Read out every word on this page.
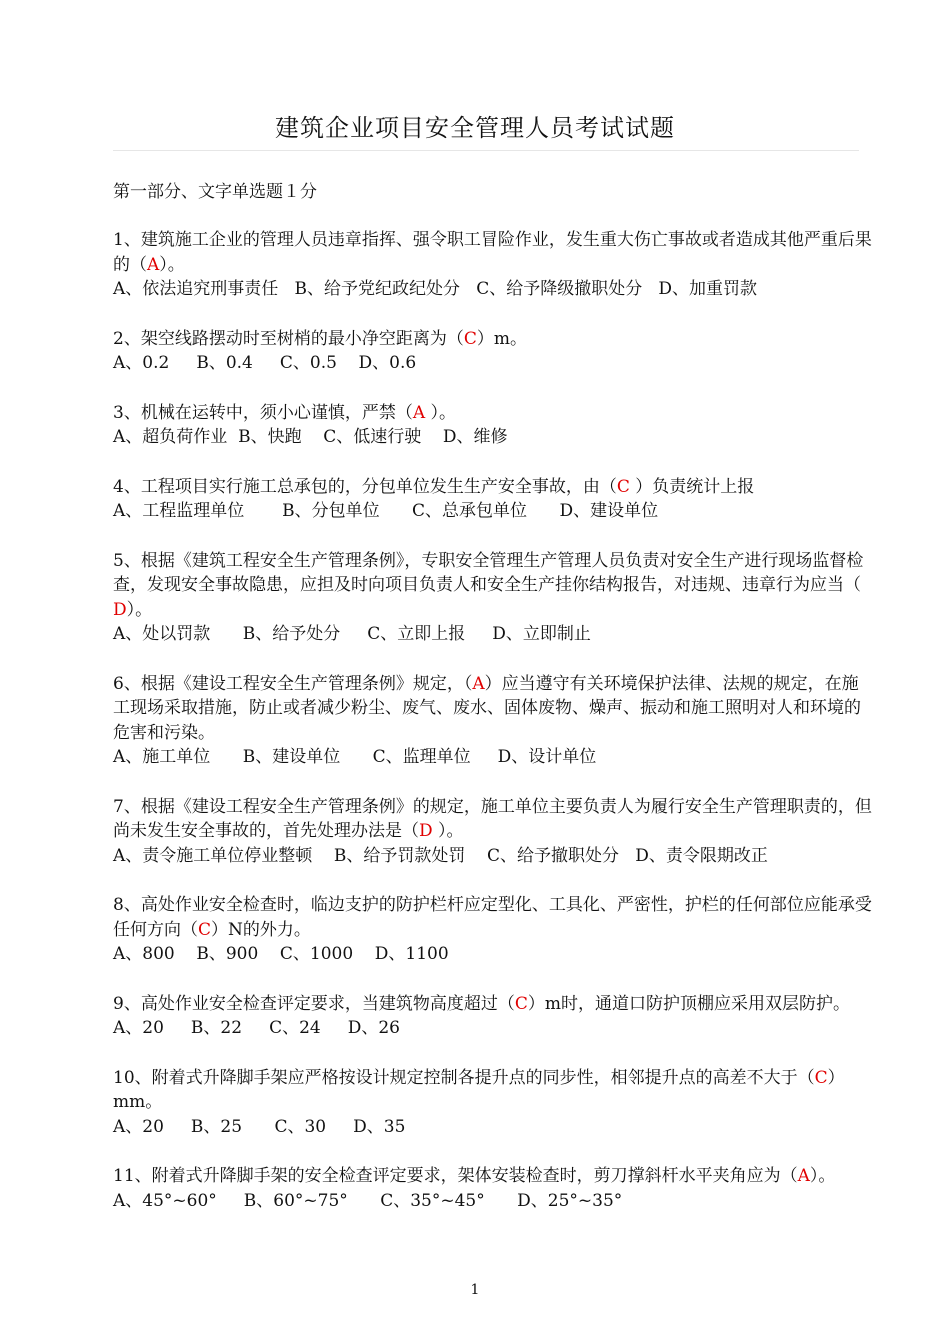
建筑企业项目安全管理人员考试试题
第一部分、文字单选题１分
1、建筑施工企业的管理人员违章指挥、强令职工冒险作业，发生重大伤亡事故或者造成其他严重后果的（A）。
A、依法追究刑事责任   B、给予党纪政纪处分   C、给予降级撤职处分   D、加重罚款
2、架空线路摆动时至树梢的最小净空距离为（C）m。
A、0.2     B、0.4     C、0.5    D、0.6
3、机械在运转中，须小心谨慎，严禁（A ）。
A、超负荷作业  B、快跑    C、低速行驶    D、维修
4、工程项目实行施工总承包的，分包单位发生生产安全事故，由（C ）负责统计上报
A、工程监理单位       B、分包单位      C、总承包单位      D、建设单位
5、根据《建筑工程安全生产管理条例》，专职安全管理生产管理人员负责对安全生产进行现场监督检查，发现安全事故隐患，应担及时向项目负责人和安全生产挂你结构报告，对违规、违章行为应当（ D）。
A、处以罚款      B、给予处分     C、立即上报     D、立即制止
6、根据《建设工程安全生产管理条例》规定，（A）应当遵守有关环境保护法律、法规的规定，在施工现场采取措施，防止或者减少粉尘、废气、废水、固体废物、燥声、振动和施工照明对人和环境的危害和污染。
A、施工单位      B、建设单位      C、监理单位     D、设计单位
7、根据《建设工程安全生产管理条例》的规定，施工单位主要负责人为履行安全生产管理职责的，但尚未发生安全事故的，首先处理办法是（D ）。
A、责令施工单位停业整顿    B、给予罚款处罚    C、给予撤职处分   D、责令限期改正
8、高处作业安全检查时，临边支护的防护栏杆应定型化、工具化、严密性，护栏的任何部位应能承受任何方向（C）N的外力。
A、800    B、900    C、1000    D、1100
9、高处作业安全检查评定要求，当建筑物高度超过（C）m时，通道口防护顶棚应采用双层防护。
A、20     B、22     C、24     D、26
10、附着式升降脚手架应严格按设计规定控制各提升点的同步性，相邻提升点的高差不大于（C）mm。
A、20     B、25      C、30     D、35
11、附着式升降脚手架的安全检查评定要求，架体安装检查时，剪刀撑斜杆水平夹角应为（A）。
A、45°~60°     B、60°~75°      C、35°~45°      D、25°~35°
1
